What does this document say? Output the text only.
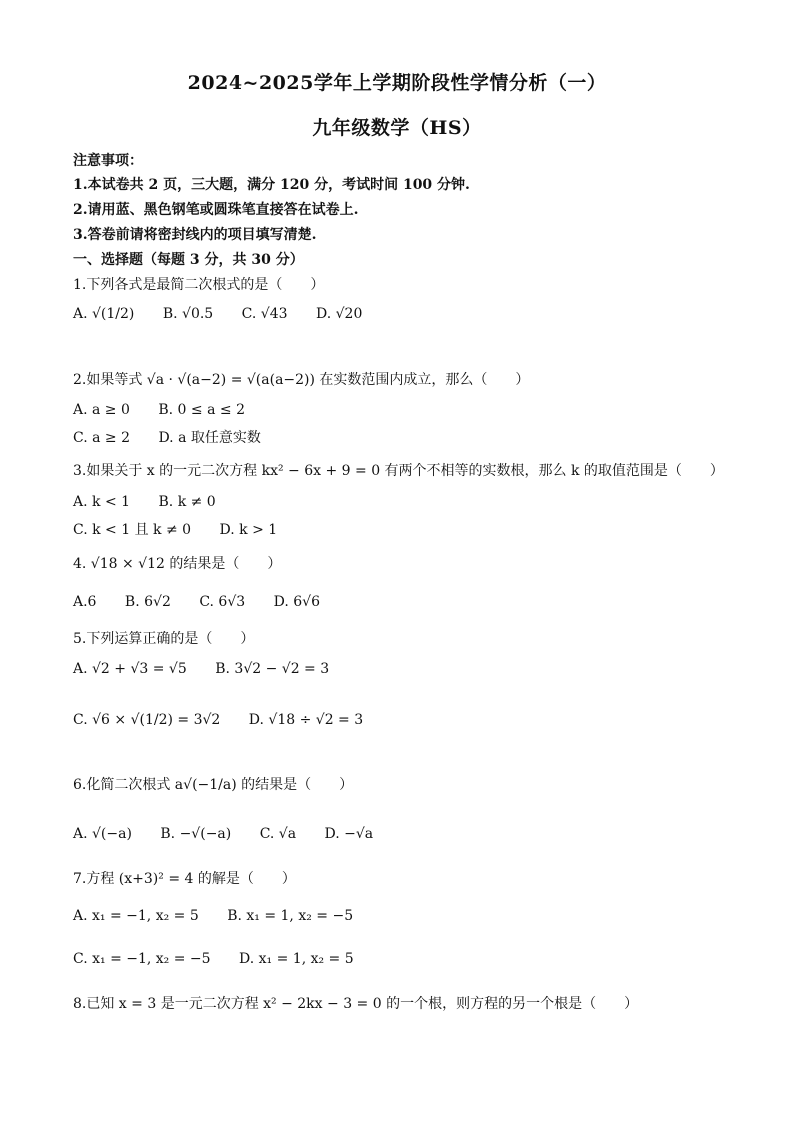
2024~2025学年上学期阶段性学情分析（一）
九年级数学（HS）
注意事项：
1.本试卷共 2 页，三大题，满分 120 分，考试时间 100 分钟.
2.请用蓝、黑色钢笔或圆珠笔直接答在试卷上.
3.答卷前请将密封线内的项目填写清楚.
一、选择题（每题 3 分，共 30 分）
1.下列各式是最简二次根式的是（　　）
A. √(1/2) B. √0.5 C. √43 D. √20
2.如果等式 √a · √(a−2) = √(a(a−2)) 在实数范围内成立，那么（　　）
A. a ≥ 0 B. 0 ≤ a ≤ 2
C. a ≥ 2 D. a 取任意实数
3.如果关于 x 的一元二次方程 kx² − 6x + 9 = 0 有两个不相等的实数根，那么 k 的取值范围是（　　）
A. k < 1 B. k ≠ 0
C. k < 1 且 k ≠ 0 D. k > 1
4. √18 × √12 的结果是（　　）
A.6 B. 6√2 C. 6√3 D. 6√6
5.下列运算正确的是（　　）
A. √2 + √3 = √5 B. 3√2 − √2 = 3
C. √6 × √(1/2) = 3√2 D. √18 ÷ √2 = 3
6.化简二次根式 a√(−1/a) 的结果是（　　）
A. √(−a) B. −√(−a) C. √a D. −√a
7.方程 (x+3)² = 4 的解是（　　）
A. x₁ = −1, x₂ = 5 B. x₁ = 1, x₂ = −5
C. x₁ = −1, x₂ = −5 D. x₁ = 1, x₂ = 5
8.已知 x = 3 是一元二次方程 x² − 2kx − 3 = 0 的一个根，则方程的另一个根是（　　）
